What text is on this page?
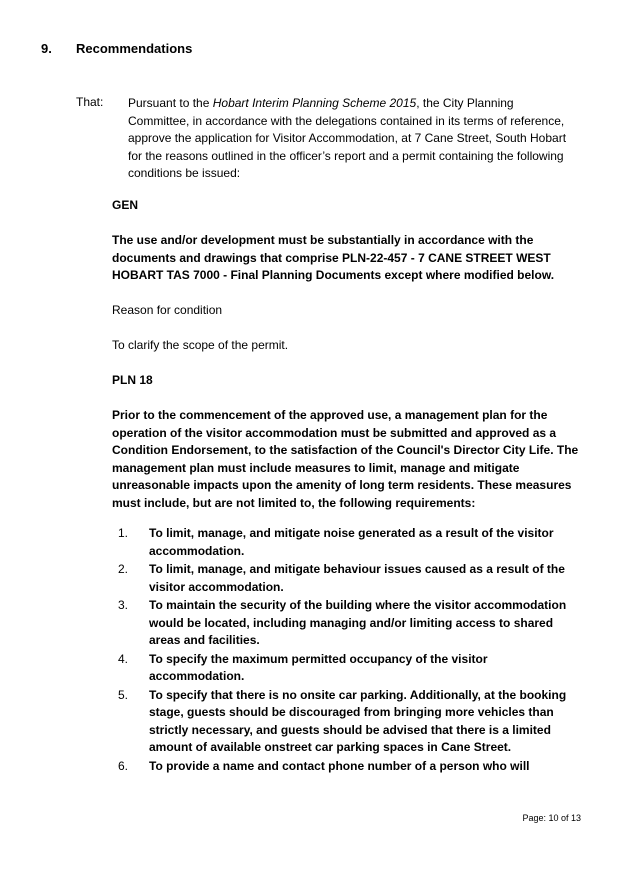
9. Recommendations
That: Pursuant to the Hobart Interim Planning Scheme 2015, the City Planning Committee, in accordance with the delegations contained in its terms of reference, approve the application for Visitor Accommodation, at 7 Cane Street, South Hobart for the reasons outlined in the officer’s report and a permit containing the following conditions be issued:
GEN
The use and/or development must be substantially in accordance with the documents and drawings that comprise PLN-22-457 - 7 CANE STREET WEST HOBART TAS 7000 - Final Planning Documents except where modified below.
Reason for condition
To clarify the scope of the permit.
PLN 18
Prior to the commencement of the approved use, a management plan for the operation of the visitor accommodation must be submitted and approved as a Condition Endorsement, to the satisfaction of the Council's Director City Life. The management plan must include measures to limit, manage and mitigate unreasonable impacts upon the amenity of long term residents. These measures must include, but are not limited to, the following requirements:
1.	To limit, manage, and mitigate noise generated as a result of the visitor accommodation.
2.	To limit, manage, and mitigate behaviour issues caused as a result of the visitor accommodation.
3.	To maintain the security of the building where the visitor accommodation would be located, including managing and/or limiting access to shared areas and facilities.
4.	To specify the maximum permitted occupancy of the visitor accommodation.
5.	To specify that there is no onsite car parking. Additionally, at the booking stage, guests should be discouraged from bringing more vehicles than strictly necessary, and guests should be advised that there is a limited amount of available onstreet car parking spaces in Cane Street.
6.	To provide a name and contact phone number of a person who will
Page: 10 of 13
